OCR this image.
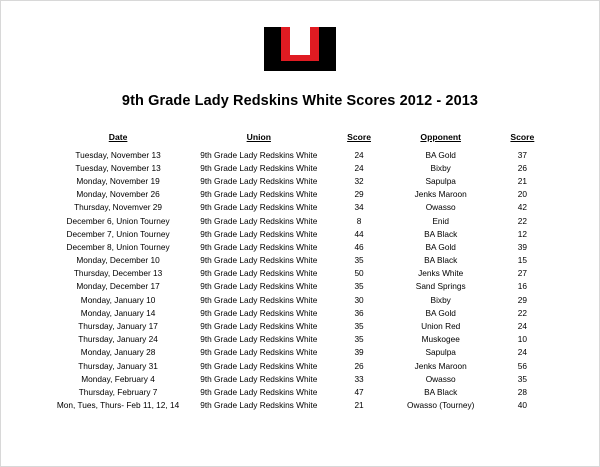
9th Grade Lady Redskins White Scores 2012 - 2013
Date	Union	Score	Opponent	Score
Tuesday, November 13	9th Grade Lady Redskins White	24	BA Gold	37
Tuesday, November 13	9th Grade Lady Redskins White	24	Bixby	26
Monday, November 19	9th Grade Lady Redskins White	32	Sapulpa	21
Monday, November 26	9th Grade Lady Redskins White	29	Jenks Maroon	20
Thursday, Novemver 29	9th Grade Lady Redskins White	34	Owasso	42
December 6, Union Tourney	9th Grade Lady Redskins White	8	Enid	22
December 7, Union Tourney	9th Grade Lady Redskins White	44	BA Black	12
December 8, Union Tourney	9th Grade Lady Redskins White	46	BA Gold	39
Monday, December 10	9th Grade Lady Redskins White	35	BA Black	15
Thursday, December 13	9th Grade Lady Redskins White	50	Jenks White	27
Monday, December 17	9th Grade Lady Redskins White	35	Sand Springs	16
Monday, January 10	9th Grade Lady Redskins White	30	Bixby	29
Monday, January 14	9th Grade Lady Redskins White	36	BA Gold	22
Thursday, January 17	9th Grade Lady Redskins White	35	Union Red	24
Thursday, January 24	9th Grade Lady Redskins White	35	Muskogee	10
Monday, January 28	9th Grade Lady Redskins White	39	Sapulpa	24
Thursday, January 31	9th Grade Lady Redskins White	26	Jenks Maroon	56
Monday, February 4	9th Grade Lady Redskins White	33	Owasso	35
Thursday, February 7	9th Grade Lady Redskins White	47	BA Black	28
Mon, Tues, Thurs- Feb 11, 12, 14	9th Grade Lady Redskins White	21	Owasso (Tourney)	40
